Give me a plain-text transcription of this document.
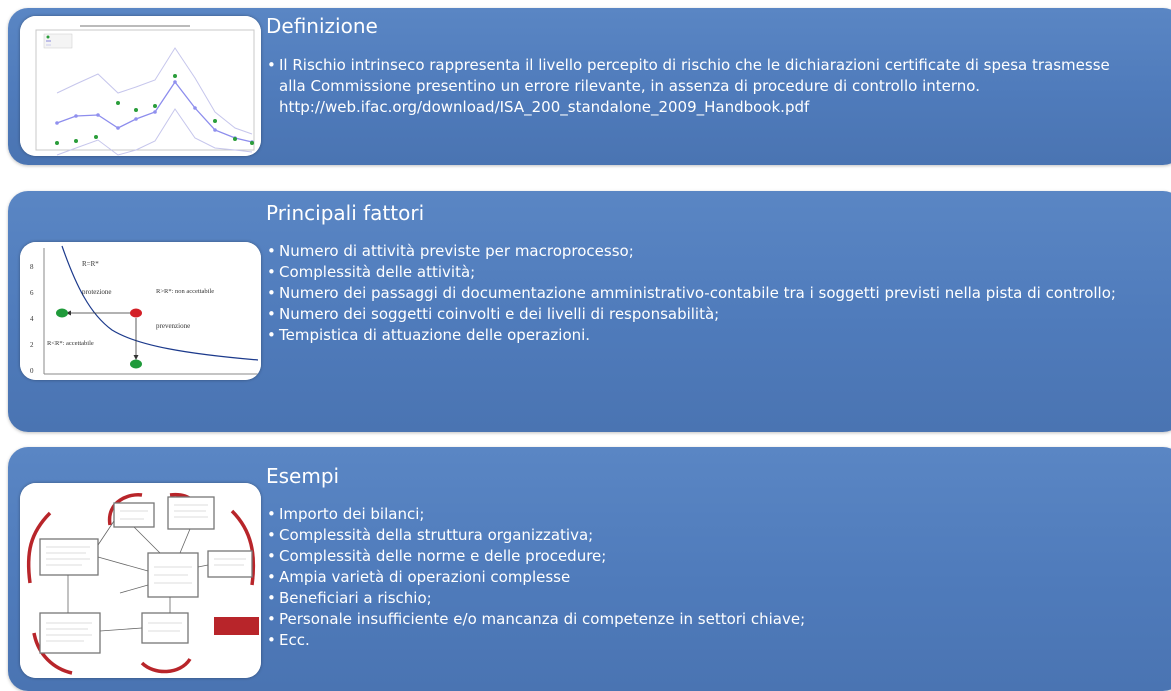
Definizione
• Il Rischio intrinseco rappresenta il livello percepito di rischio che le dichiarazioni certificate di spesa trasmesse alla Commissione presentino un errore rilevante, in assenza di procedure di controllo interno. http://web.ifac.org/download/ISA_200_standalone_2009_Handbook.pdf
8
6
4
2
0
R=R*
protezione	R>R*: non accettabile
prevenzione
R<R*: accettabile
Principali fattori
• Numero di attività previste per macroprocesso;
• Complessità delle attività;
• Numero dei passaggi di documentazione amministrativo-contabile tra i soggetti previsti nella pista di controllo;
• Numero dei soggetti coinvolti e dei livelli di responsabilità;
• Tempistica di attuazione delle operazioni.
Esempi
• Importo dei bilanci;
• Complessità della struttura organizzativa;
• Complessità delle norme e delle procedure;
• Ampia varietà di operazioni complesse
• Beneficiari a rischio;
• Personale insufficiente e/o mancanza di competenze in settori chiave;
• Ecc.
